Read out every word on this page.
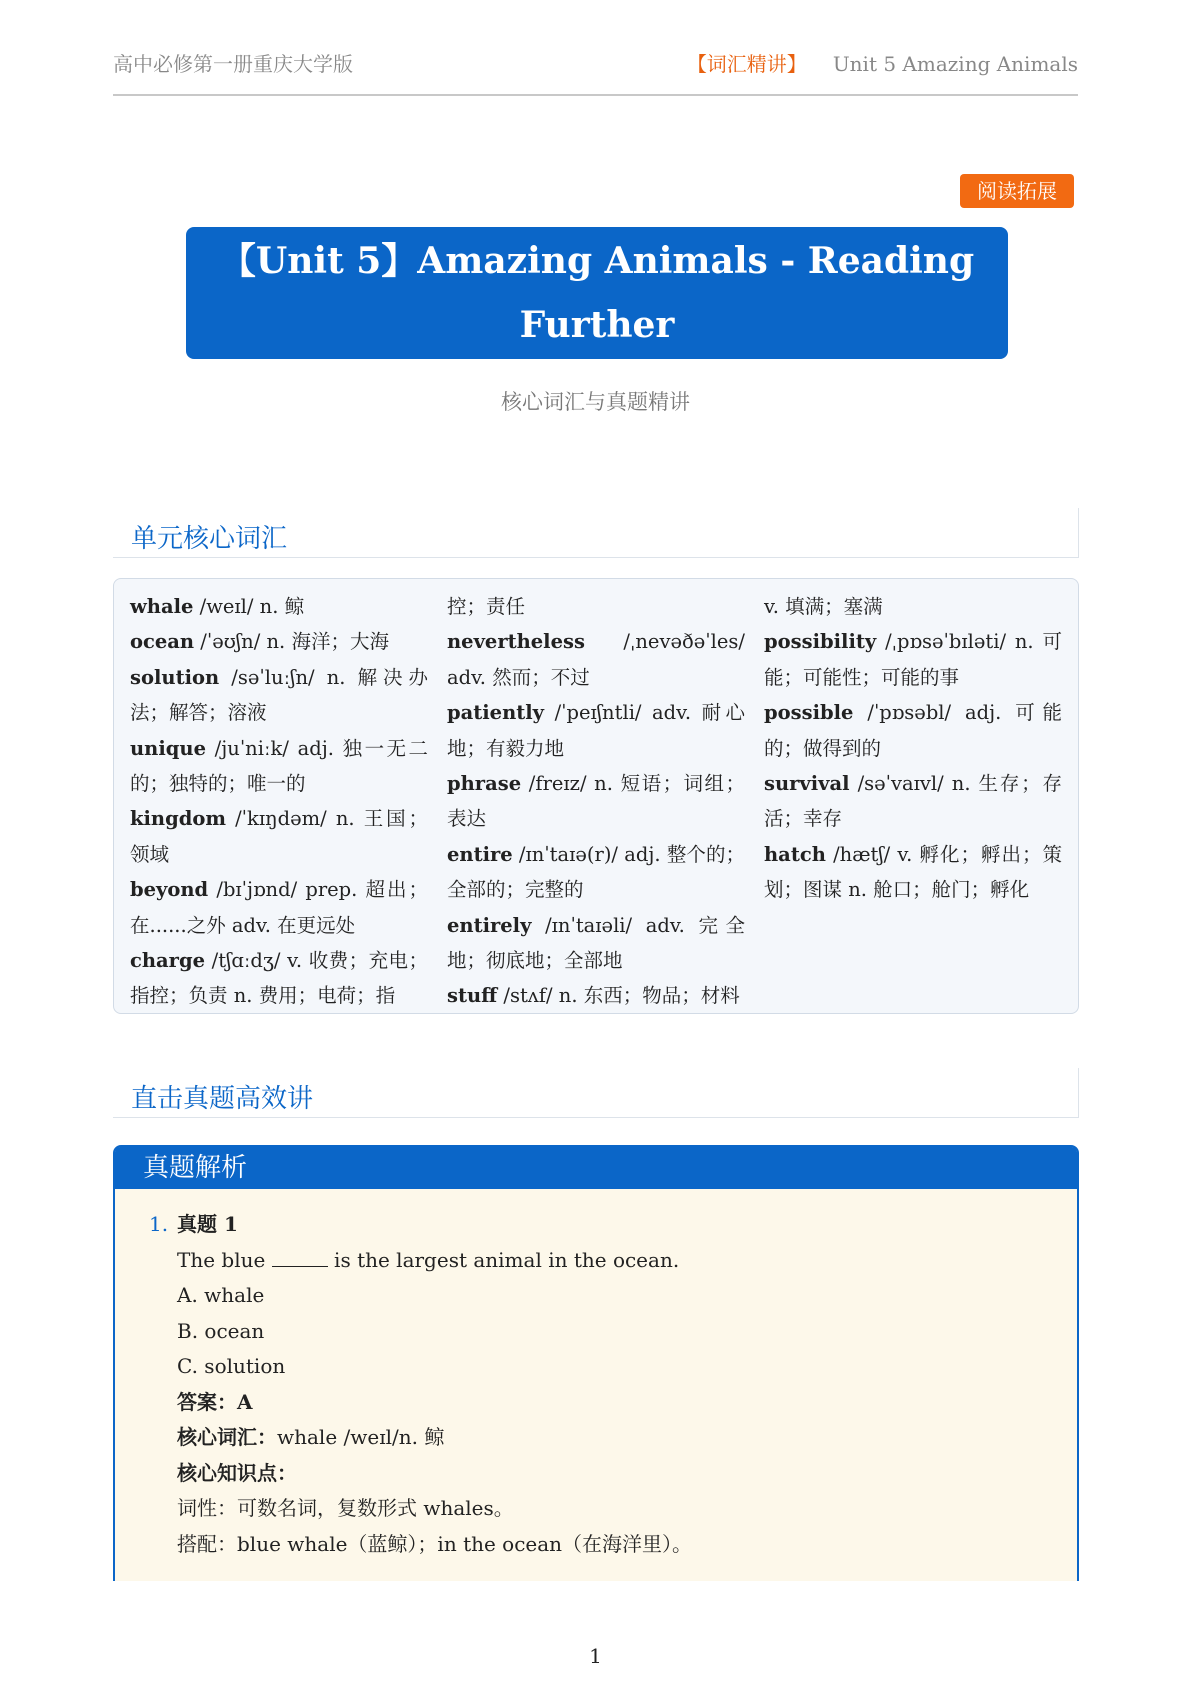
高中必修第一册重庆大学版	【词汇精讲】 Unit 5 Amazing Animals
阅读拓展
【Unit 5】Amazing Animals - Reading
Further
核心词汇与真题精讲
单元核心词汇
whale /weɪl/ n. 鲸
ocean /ˈəʊʃn/ n. 海洋；大海
solution /səˈluːʃn/ n. 解决办法；解答；溶液
unique /juˈniːk/ adj. 独一无二的；独特的；唯一的
kingdom /ˈkɪŋdəm/ n. 王国；领域
beyond /bɪˈjɒnd/ prep. 超出；在......之外 adv. 在更远处
charge /tʃɑːdʒ/ v. 收费；充电；指控；负责 n. 费用；电荷；指
控；责任
nevertheless /ˌnevəðəˈles/ adv. 然而；不过
patiently /ˈpeɪʃntli/ adv. 耐心地；有毅力地
phrase /freɪz/ n. 短语；词组；表达
entire /ɪnˈtaɪə(r)/ adj. 整个的；全部的；完整的
entirely /ɪnˈtaɪəli/ adv. 完全地；彻底地；全部地
stuff /stʌf/ n. 东西；物品；材料
v. 填满；塞满
possibility /ˌpɒsəˈbɪləti/ n. 可能；可能性；可能的事
possible /ˈpɒsəbl/ adj. 可能的；做得到的
survival /səˈvaɪvl/ n. 生存；存活；幸存
hatch /hætʃ/ v. 孵化；孵出；策划；图谋 n. 舱口；舱门；孵化
直击真题高效讲
真题解析
1. 真题 1
The blue	is the largest animal in the ocean.
A. whale
B. ocean
C. solution
答案：A
核心词汇：whale /weɪl/n. 鲸
核心知识点：
词性：可数名词，复数形式 whales。
搭配：blue whale（蓝鲸）；in the ocean（在海洋里）。
1
